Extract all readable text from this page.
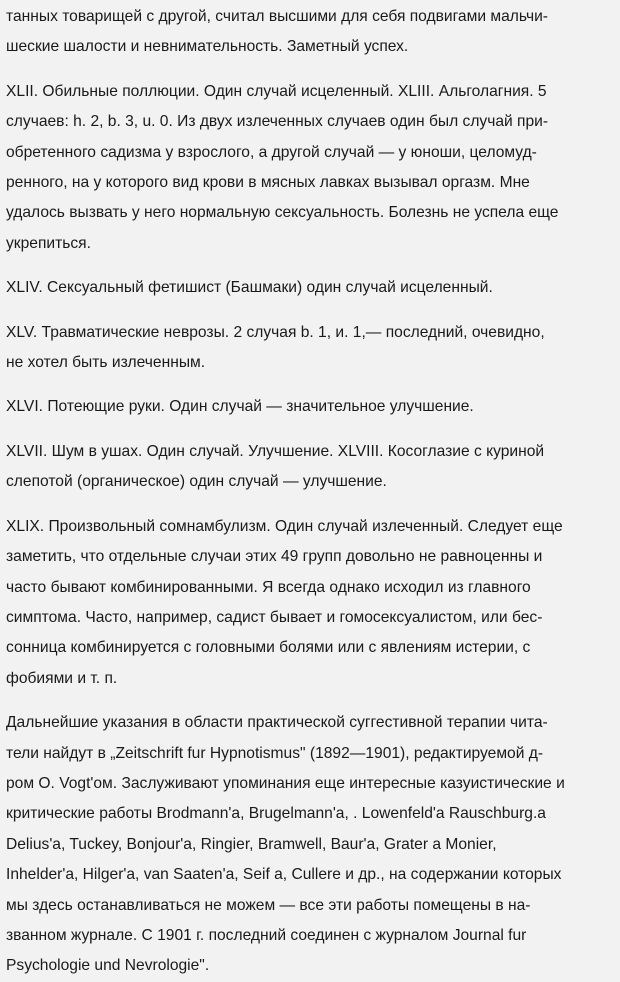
танных товарищей с другой, считал высшими для себя подвигами мальчи-
шеские шалости и невнимательность. Заметный успех.

XLII. Обильные поллюции. Один случай исцеленный. XLIII. Альголагния. 5
случаев: h. 2, b. 3, u. 0. Из двух излеченных случаев один был случай при-
обретенного садизма у взрослого, а другой случай — у юноши, целомуд-
ренного, на у которого вид крови в мясных лавках вызывал оргазм. Мне
удалось вызвать у него нормальную сексуальность. Болезнь не успела еще
укрепиться.

XLIV. Сексуальный фетишист (Башмаки) один случай исцеленный.

XLV. Травматические неврозы. 2 случая b. 1, и. 1,— последний, очевидно,
не хотел быть излеченным.

XLVI. Потеющие руки. Один случай — значительное улучшение.

XLVII. Шум в ушах. Один случай. Улучшение. XLVIII. Косоглазие с куриной
слепотой (органическое) один случай — улучшение.

XLIX. Произвольный сомнамбулизм. Один случай излеченный. Следует еще
заметить, что отдельные случаи этих 49 групп довольно не равноценны и
часто бывают комбинированными. Я всегда однако исходил из главного
симптома. Часто, например, садист бывает и гомосексуалистом, или бес-
сонница комбинируется с головными болями или с явлениям истерии, с
фобиями и т. п.

Дальнейшие указания в области практической суггестивной терапии чита-
тели найдут в „Zeitschrift fur Hypnotismus" (1892—1901), редактируемой д-
ром О. Vogt'ом. Заслуживают упоминания еще интересные казуистические и
критические работы Brodmann'a, Brugelmann'a, . Lowenfeld'a Rauschburg.a
Delius'a, Tuckey, Bonjour'a, Ringier, Bramwell, Baur'a, Grater a Monier,
Inhelder'a, Hilger'a, van Saaten'a, Seif a, Cullere и др., на содержании которых
мы здесь останавливаться не можем — все эти работы помещены в на-
званном журнале. С 1901 г. последний соединен с журналом Journal fur
Psychologie und Nevrologie".
